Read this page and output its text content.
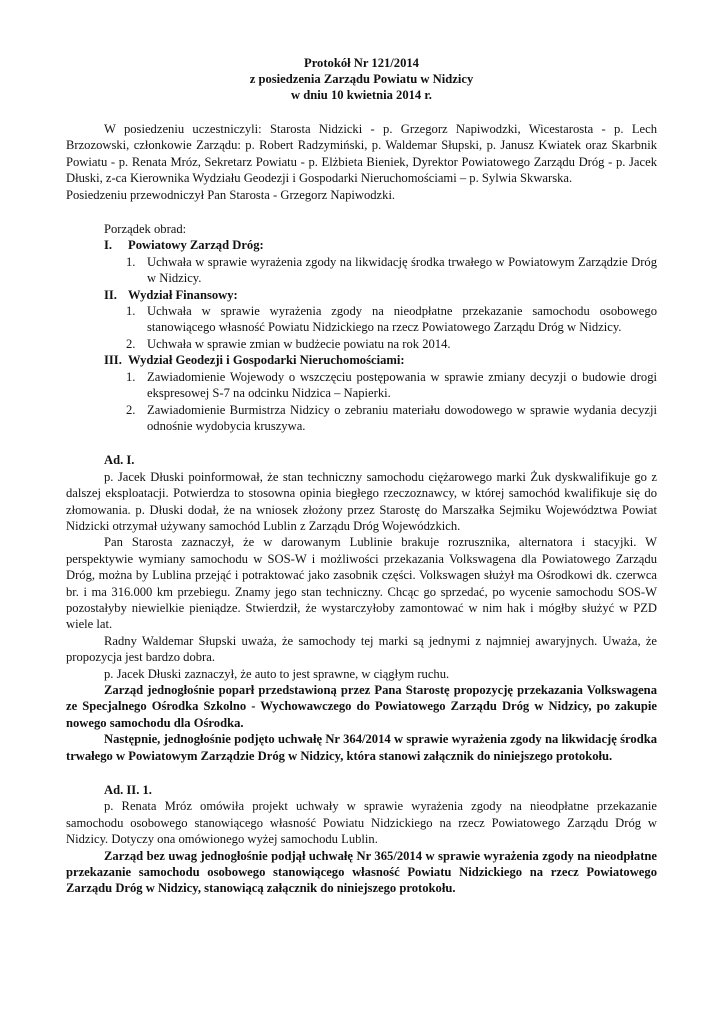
Protokół Nr 121/2014
z posiedzenia Zarządu Powiatu w Nidzicy
w dniu 10 kwietnia 2014 r.

W posiedzeniu uczestniczyli: Starosta Nidzicki - p. Grzegorz Napiwodzki, Wicestarosta - p. Lech Brzozowski, członkowie Zarządu: p. Robert Radzymiński, p. Waldemar Słupski, p. Janusz Kwiatek oraz Skarbnik Powiatu - p. Renata Mróz, Sekretarz Powiatu - p. Elżbieta Bieniek, Dyrektor Powiatowego Zarządu Dróg - p. Jacek Dłuski, z-ca Kierownika Wydziału Geodezji i Gospodarki Nieruchomościami – p. Sylwia Skwarska.

Posiedzeniu przewodniczył Pan Starosta - Grzegorz Napiwodzki.

Porządek obrad:
I.	Powiatowy Zarząd Dróg:
1. Uchwała w sprawie wyrażenia zgody na likwidację środka trwałego w Powiatowym Zarządzie Dróg w Nidzicy.
II. Wydział Finansowy:
1. Uchwała w sprawie wyrażenia zgody na nieodpłatne przekazanie samochodu osobowego stanowiącego własność Powiatu Nidzickiego na rzecz Powiatowego Zarządu Dróg w Nidzicy.
2. Uchwała w sprawie zmian w budżecie powiatu na rok 2014.
III. Wydział Geodezji i Gospodarki Nieruchomościami:
1. Zawiadomienie Wojewody o wszczęciu postępowania w sprawie zmiany decyzji o budowie drogi ekspresowej S-7 na odcinku Nidzica – Napierki.
2. Zawiadomienie Burmistrza Nidzicy o zebraniu materiału dowodowego w sprawie wydania decyzji odnośnie wydobycia kruszywa.
Ad. I.

p. Jacek Dłuski poinformował, że stan techniczny samochodu ciężarowego marki Żuk dyskwalifikuje go z dalszej eksploatacji. Potwierdza to stosowna opinia biegłego rzeczoznawcy, w której samochód kwalifikuje się do złomowania. p. Dłuski dodał, że na wniosek złożony przez Starostę do Marszałka Sejmiku Województwa Powiat Nidzicki otrzymał używany samochód Lublin z Zarządu Dróg Wojewódzkich.

Pan Starosta zaznaczył, że w darowanym Lublinie brakuje rozrusznika, alternatora i stacyjki. W perspektywie wymiany samochodu w SOS-W i możliwości przekazania Volkswagena dla Powiatowego Zarządu Dróg, można by Lublina przejąć i potraktować jako zasobnik części. Volkswagen służył ma Ośrodkowi dk. czerwca br. i ma 316.000 km przebiegu. Znamy jego stan techniczny. Chcąc go sprzedać, po wycenie samochodu SOS-W pozostałyby niewielkie pieniądze. Stwierdził, że wystarczyłoby zamontować w nim hak i mógłby służyć w PZD wiele lat.

Radny Waldemar Słupski uważa, że samochody tej marki są jednymi z najmniej awaryjnych. Uważa, że propozycja jest bardzo dobra.

p. Jacek Dłuski zaznaczył, że auto to jest sprawne, w ciągłym ruchu.

Zarząd jednogłośnie poparł przedstawioną przez Pana Starostę propozycję przekazania Volkswagena ze Specjalnego Ośrodka Szkolno - Wychowawczego do Powiatowego Zarządu Dróg w Nidzicy, po zakupie nowego samochodu dla Ośrodka.

Następnie, jednogłośnie podjęto uchwałę Nr 364/2014 w sprawie wyrażenia zgody na likwidację środka trwałego w Powiatowym Zarządzie Dróg w Nidzicy, która stanowi załącznik do niniejszego protokołu.

Ad. II. 1.

p. Renata Mróz omówiła projekt uchwały w sprawie wyrażenia zgody na nieodpłatne przekazanie samochodu osobowego stanowiącego własność Powiatu Nidzickiego na rzecz Powiatowego Zarządu Dróg w Nidzicy. Dotyczy ona omówionego wyżej samochodu Lublin.

Zarząd bez uwag jednogłośnie podjął uchwałę Nr 365/2014 w sprawie wyrażenia zgody na nieodpłatne przekazanie samochodu osobowego stanowiącego własność Powiatu Nidzickiego na rzecz Powiatowego Zarządu Dróg w Nidzicy, stanowiącą załącznik do niniejszego protokołu.
